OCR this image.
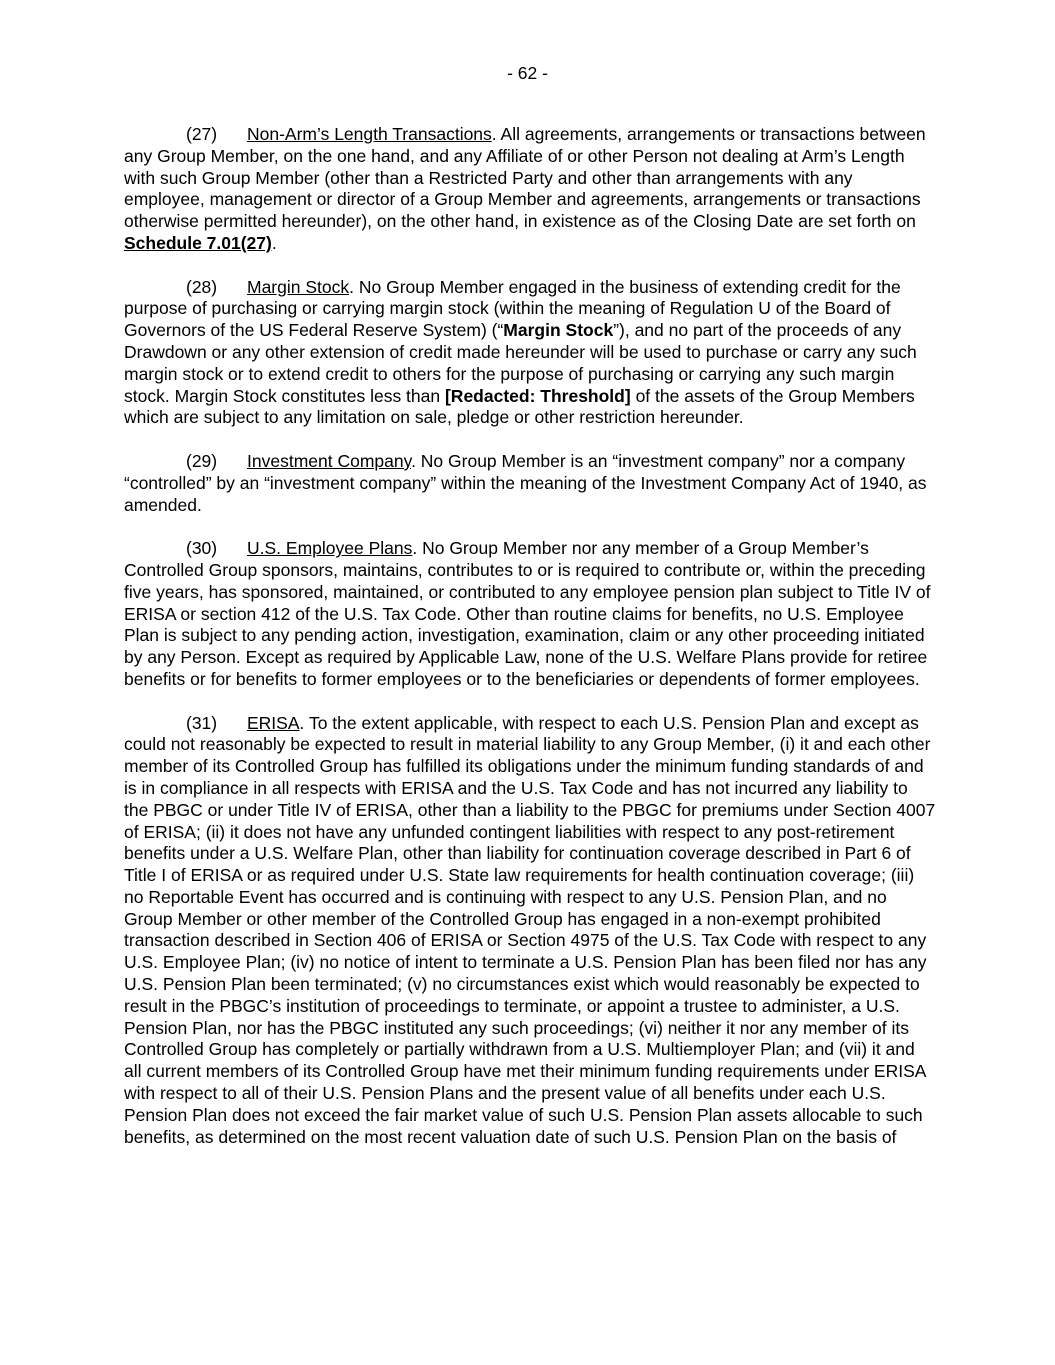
- 62 -

(27) Non-Arm’s Length Transactions. All agreements, arrangements or transactions between any Group Member, on the one hand, and any Affiliate of or other Person not dealing at Arm’s Length with such Group Member (other than a Restricted Party and other than arrangements with any employee, management or director of a Group Member and agreements, arrangements or transactions otherwise permitted hereunder), on the other hand, in existence as of the Closing Date are set forth on Schedule 7.01(27).

(28) Margin Stock. No Group Member engaged in the business of extending credit for the purpose of purchasing or carrying margin stock (within the meaning of Regulation U of the Board of Governors of the US Federal Reserve System) (“Margin Stock”), and no part of the proceeds of any Drawdown or any other extension of credit made hereunder will be used to purchase or carry any such margin stock or to extend credit to others for the purpose of purchasing or carrying any such margin stock. Margin Stock constitutes less than [Redacted: Threshold] of the assets of the Group Members which are subject to any limitation on sale, pledge or other restriction hereunder.

(29) Investment Company. No Group Member is an “investment company” nor a company “controlled” by an “investment company” within the meaning of the Investment Company Act of 1940, as amended.

(30) U.S. Employee Plans. No Group Member nor any member of a Group Member’s Controlled Group sponsors, maintains, contributes to or is required to contribute or, within the preceding five years, has sponsored, maintained, or contributed to any employee pension plan subject to Title IV of ERISA or section 412 of the U.S. Tax Code. Other than routine claims for benefits, no U.S. Employee Plan is subject to any pending action, investigation, examination, claim or any other proceeding initiated by any Person. Except as required by Applicable Law, none of the U.S. Welfare Plans provide for retiree benefits or for benefits to former employees or to the beneficiaries or dependents of former employees.

(31) ERISA. To the extent applicable, with respect to each U.S. Pension Plan and except as could not reasonably be expected to result in material liability to any Group Member, (i) it and each other member of its Controlled Group has fulfilled its obligations under the minimum funding standards of and is in compliance in all respects with ERISA and the U.S. Tax Code and has not incurred any liability to the PBGC or under Title IV of ERISA, other than a liability to the PBGC for premiums under Section 4007 of ERISA; (ii) it does not have any unfunded contingent liabilities with respect to any post-retirement benefits under a U.S. Welfare Plan, other than liability for continuation coverage described in Part 6 of Title I of ERISA or as required under U.S. State law requirements for health continuation coverage; (iii) no Reportable Event has occurred and is continuing with respect to any U.S. Pension Plan, and no Group Member or other member of the Controlled Group has engaged in a non-exempt prohibited transaction described in Section 406 of ERISA or Section 4975 of the U.S. Tax Code with respect to any U.S. Employee Plan; (iv) no notice of intent to terminate a U.S. Pension Plan has been filed nor has any U.S. Pension Plan been terminated; (v) no circumstances exist which would reasonably be expected to result in the PBGC’s institution of proceedings to terminate, or appoint a trustee to administer, a U.S. Pension Plan, nor has the PBGC instituted any such proceedings; (vi) neither it nor any member of its Controlled Group has completely or partially withdrawn from a U.S. Multiemployer Plan; and (vii) it and all current members of its Controlled Group have met their minimum funding requirements under ERISA with respect to all of their U.S. Pension Plans and the present value of all benefits under each U.S. Pension Plan does not exceed the fair market value of such U.S. Pension Plan assets allocable to such benefits, as determined on the most recent valuation date of such U.S. Pension Plan on the basis of
